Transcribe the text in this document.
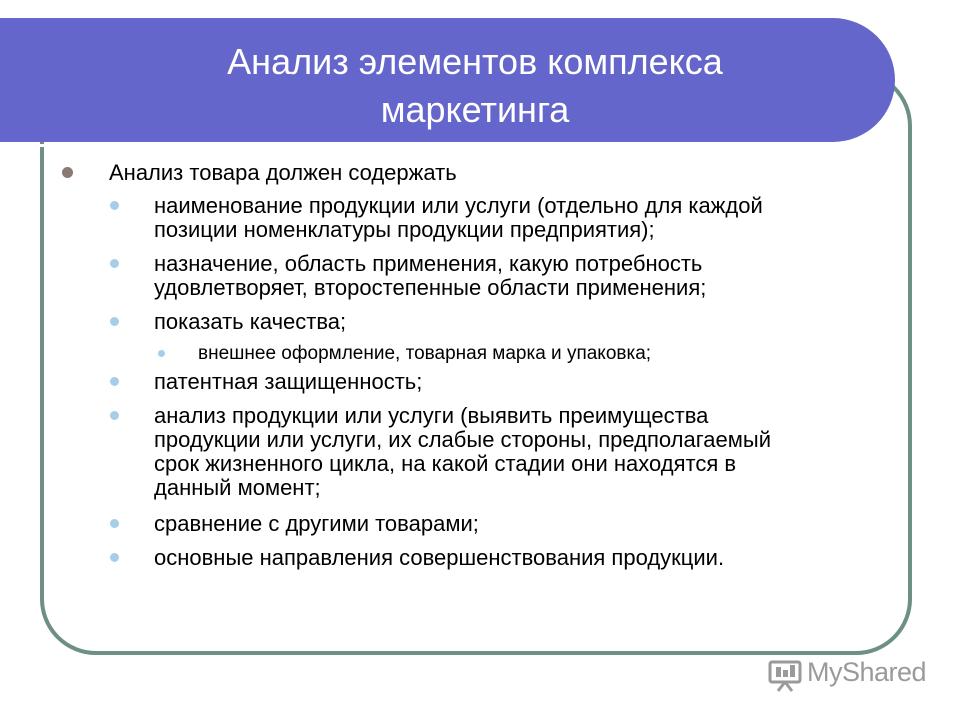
Анализ элементов комплекса
маркетинга
Анализ товара должен содержать
наименование продукции или услуги (отдельно для каждой
позиции номенклатуры продукции предприятия);
назначение, область применения, какую потребность
удовлетворяет, второстепенные области применения;
показать качества;
внешнее оформление, товарная марка и упаковка;
патентная защищенность;
анализ продукции или услуги (выявить преимущества
продукции или услуги, их слабые стороны, предполагаемый
срок жизненного цикла, на какой стадии они находятся в
данный момент;
сравнение с другими товарами;
основные направления совершенствования продукции.
MyShared
